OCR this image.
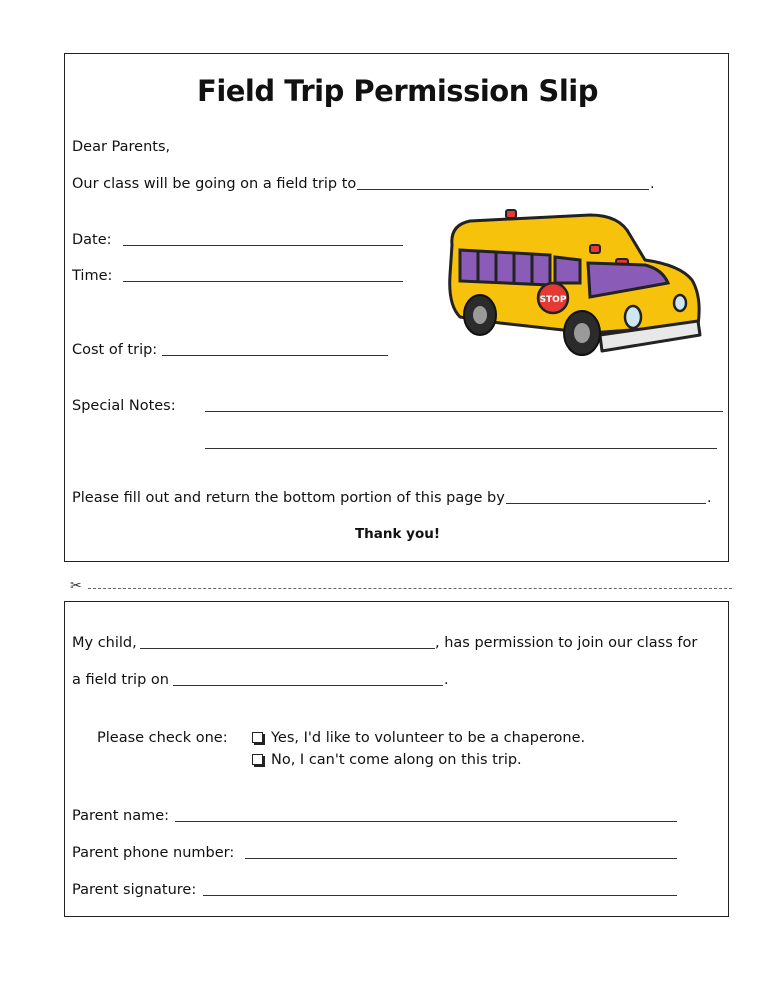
Field Trip Permission Slip
Dear Parents,
Our class will be going on a field trip to	.
Date:
Time:
Cost of trip:
Special Notes:
Please fill out and return the bottom portion of this page by	.
Thank you!
STOP
✂
My child,	, has permission to join our class for
a field trip on	.
Please check one:	Yes, I'd like to volunteer to be a chaperone.
No, I can't come along on this trip.
Parent name:
Parent phone number:
Parent signature:
